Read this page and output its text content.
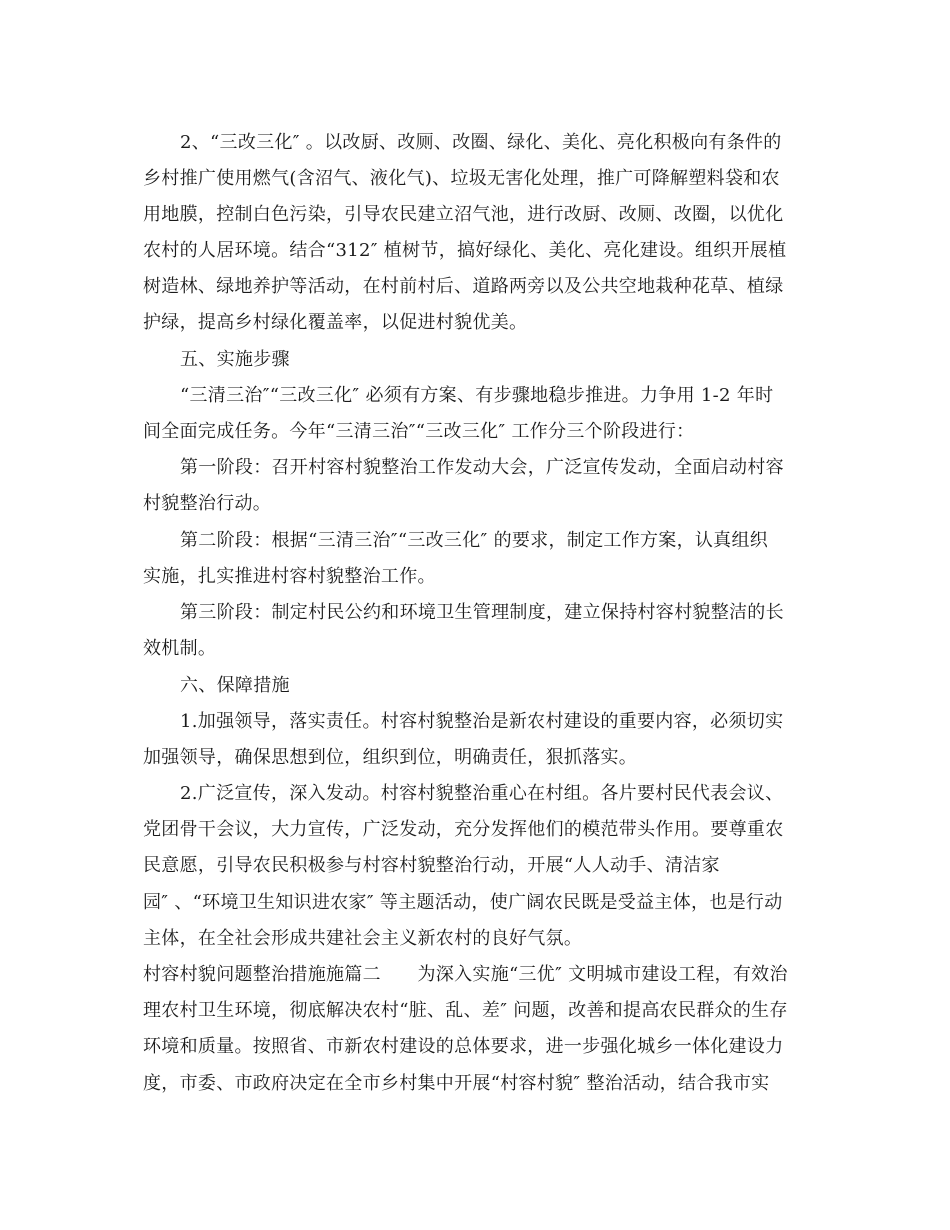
2、“三改三化″ 。以改厨、改厕、改圈、绿化、美化、亮化积极向有条件的
乡村推广使用燃气(含沼气、液化气)、垃圾无害化处理，推广可降解塑料袋和农
用地膜，控制白色污染，引导农民建立沼气池，进行改厨、改厕、改圈，以优化
农村的人居环境。结合“312″ 植树节，搞好绿化、美化、亮化建设。组织开展植
树造林、绿地养护等活动，在村前村后、道路两旁以及公共空地栽种花草、植绿
护绿，提高乡村绿化覆盖率，以促进村貌优美。
五、实施步骤
“三清三治″“三改三化″ 必须有方案、有步骤地稳步推进。力争用 1-2 年时
间全面完成任务。今年“三清三治″“三改三化″ 工作分三个阶段进行：
第一阶段：召开村容村貌整治工作发动大会，广泛宣传发动，全面启动村容
村貌整治行动。
第二阶段：根据“三清三治″“三改三化″ 的要求，制定工作方案，认真组织
实施，扎实推进村容村貌整治工作。
第三阶段：制定村民公约和环境卫生管理制度，建立保持村容村貌整洁的长
效机制。
六、保障措施
1.加强领导，落实责任。村容村貌整治是新农村建设的重要内容，必须切实
加强领导，确保思想到位，组织到位，明确责任，狠抓落实。
2.广泛宣传，深入发动。村容村貌整治重心在村组。各片要村民代表会议、
党团骨干会议，大力宣传，广泛发动，充分发挥他们的模范带头作用。要尊重农
民意愿，引导农民积极参与村容村貌整治行动，开展“人人动手、清洁家
园″ 、“环境卫生知识进农家″ 等主题活动，使广阔农民既是受益主体，也是行动
主体，在全社会形成共建社会主义新农村的良好气氛。
村容村貌问题整治措施施篇二　　为深入实施“三优″ 文明城市建设工程，有效治
理农村卫生环境，彻底解决农村“脏、乱、差″ 问题，改善和提高农民群众的生存
环境和质量。按照省、市新农村建设的总体要求，进一步强化城乡一体化建设力
度，市委、市政府决定在全市乡村集中开展“村容村貌″ 整治活动，结合我市实
